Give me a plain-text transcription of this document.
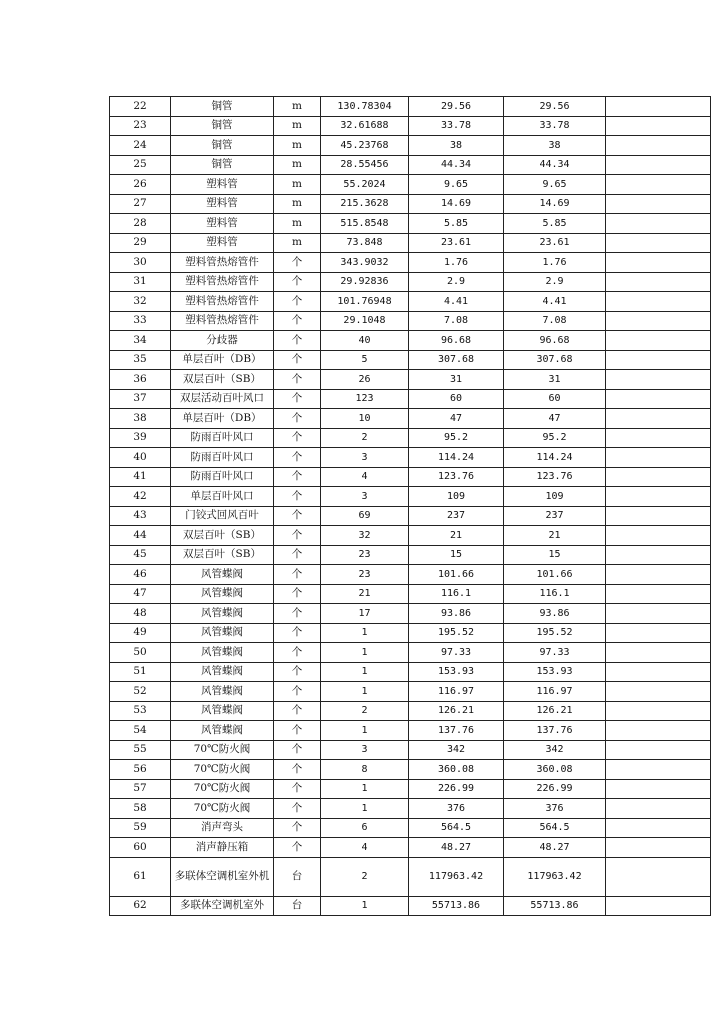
22	铜管	m	130.78304	29.56	29.56	
23	铜管	m	32.61688	33.78	33.78	
24	铜管	m	45.23768	38	38	
25	铜管	m	28.55456	44.34	44.34	
26	塑料管	m	55.2024	9.65	9.65	
27	塑料管	m	215.3628	14.69	14.69	
28	塑料管	m	515.8548	5.85	5.85	
29	塑料管	m	73.848	23.61	23.61	
30	塑料管热熔管件	个	343.9032	1.76	1.76	
31	塑料管热熔管件	个	29.92836	2.9	2.9	
32	塑料管热熔管件	个	101.76948	4.41	4.41	
33	塑料管热熔管件	个	29.1048	7.08	7.08	
34	分歧器	个	40	96.68	96.68	
35	单层百叶（DB）	个	5	307.68	307.68	
36	双层百叶（SB）	个	26	31	31	
37	双层活动百叶风口	个	123	60	60	
38	单层百叶（DB）	个	10	47	47	
39	防雨百叶风口	个	2	95.2	95.2	
40	防雨百叶风口	个	3	114.24	114.24	
41	防雨百叶风口	个	4	123.76	123.76	
42	单层百叶风口	个	3	109	109	
43	门铰式回风百叶	个	69	237	237	
44	双层百叶（SB）	个	32	21	21	
45	双层百叶（SB）	个	23	15	15	
46	风管蝶阀	个	23	101.66	101.66	
47	风管蝶阀	个	21	116.1	116.1	
48	风管蝶阀	个	17	93.86	93.86	
49	风管蝶阀	个	1	195.52	195.52	
50	风管蝶阀	个	1	97.33	97.33	
51	风管蝶阀	个	1	153.93	153.93	
52	风管蝶阀	个	1	116.97	116.97	
53	风管蝶阀	个	2	126.21	126.21	
54	风管蝶阀	个	1	137.76	137.76	
55	70℃防火阀	个	3	342	342	
56	70℃防火阀	个	8	360.08	360.08	
57	70℃防火阀	个	1	226.99	226.99	
58	70℃防火阀	个	1	376	376	
59	消声弯头	个	6	564.5	564.5	
60	消声静压箱	个	4	48.27	48.27	
61	多联体空调机室外机	台	2	117963.42	117963.42	
62	多联体空调机室外	台	1	55713.86	55713.86	
